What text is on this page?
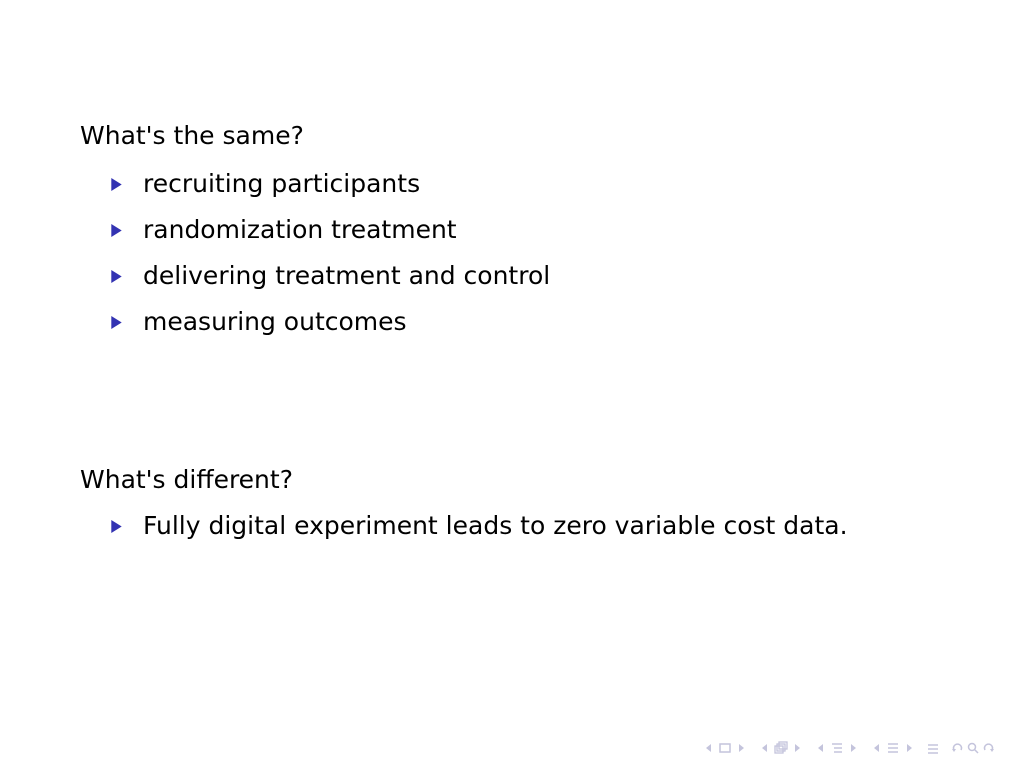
What's the same?
recruiting participants
randomization treatment
delivering treatment and control
measuring outcomes
What's different?
Fully digital experiment leads to zero variable cost data.
